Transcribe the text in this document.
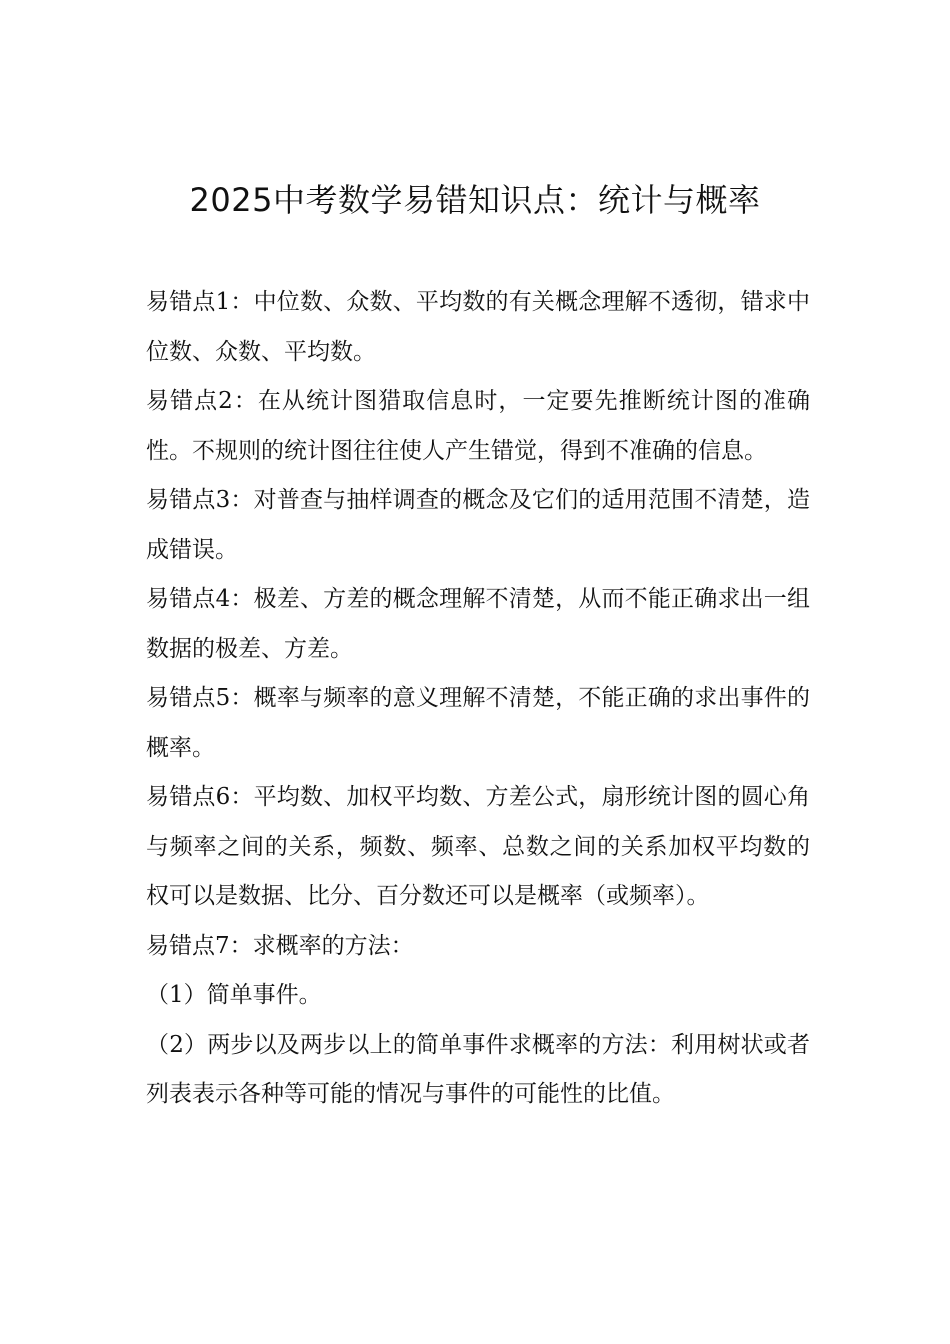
2025中考数学易错知识点：统计与概率

易错点1：中位数、众数、平均数的有关概念理解不透彻，错求中位数、众数、平均数。

易错点2：在从统计图猎取信息时，一定要先推断统计图的准确性。不规则的统计图往往使人产生错觉，得到不准确的信息。

易错点3：对普查与抽样调查的概念及它们的适用范围不清楚，造成错误。

易错点4：极差、方差的概念理解不清楚，从而不能正确求出一组数据的极差、方差。

易错点5：概率与频率的意义理解不清楚，不能正确的求出事件的概率。

易错点6：平均数、加权平均数、方差公式，扇形统计图的圆心角与频率之间的关系，频数、频率、总数之间的关系加权平均数的权可以是数据、比分、百分数还可以是概率（或频率）。

易错点7：求概率的方法：

（1）简单事件。

（2）两步以及两步以上的简单事件求概率的方法：利用树状或者列表表示各种等可能的情况与事件的可能性的比值。
